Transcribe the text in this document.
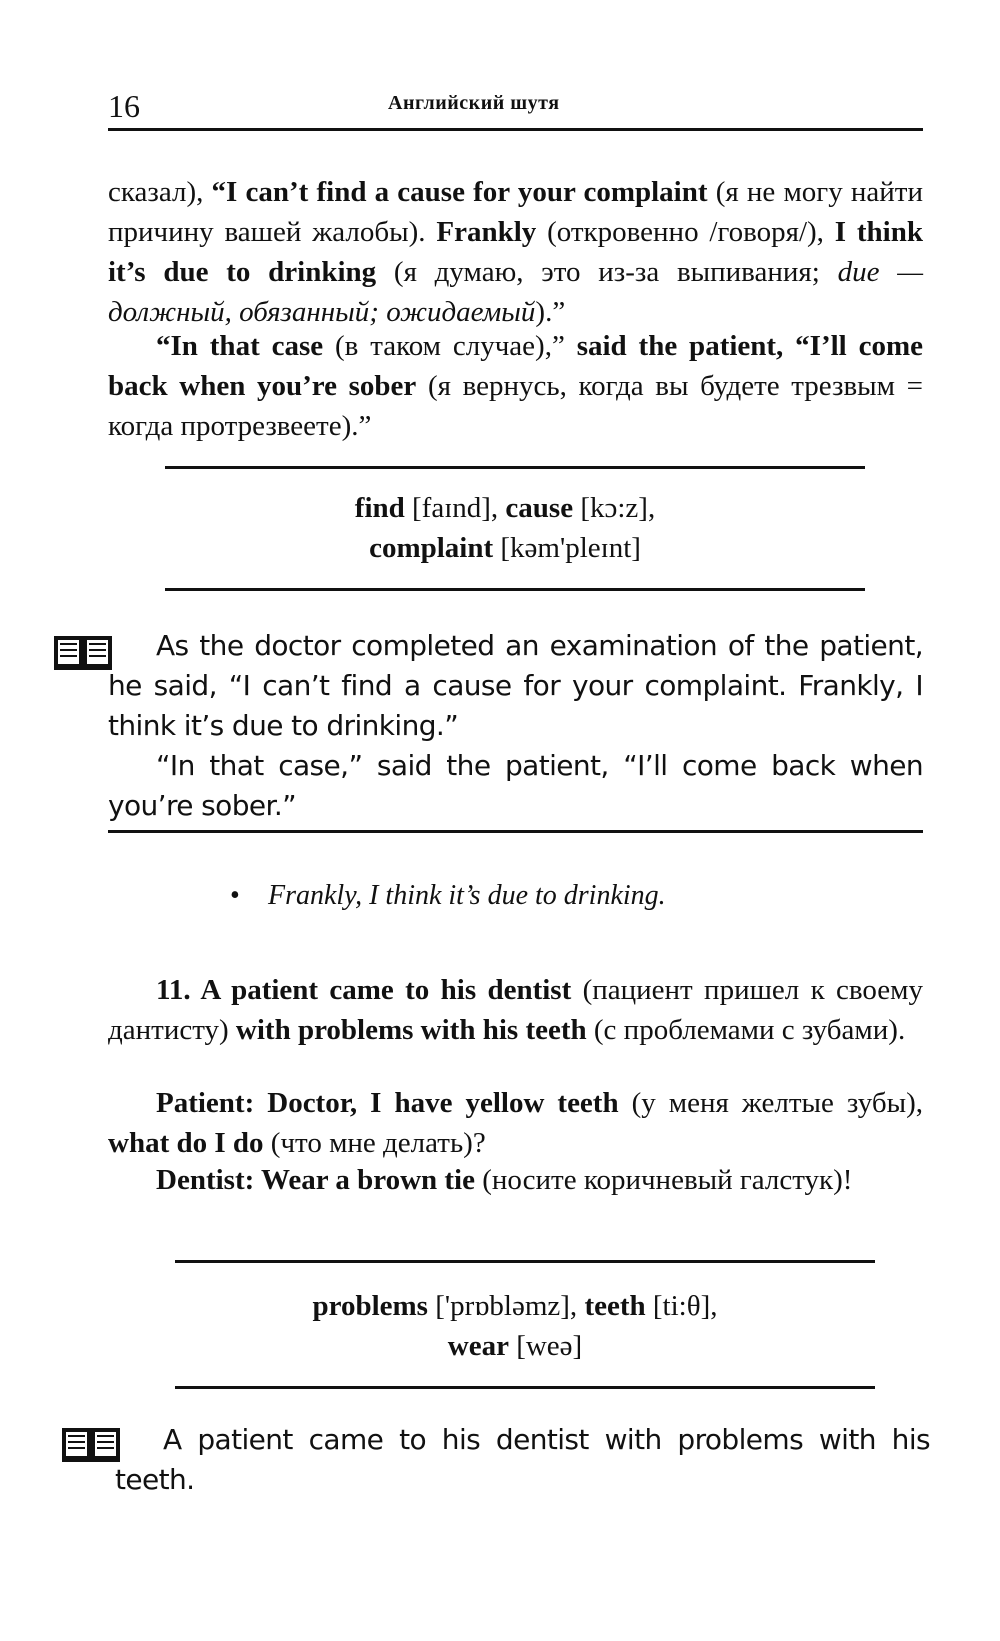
16	Английский шутя
сказал), “I can’t find a cause for your complaint (я не могу найти причину вашей жалобы). Frankly (откровенно /говоря/), I think it’s due to drinking (я думаю, это из-за выпивания; due — должный, обязанный; ожидаемый).”
“In that case (в таком случае),” said the patient, “I’ll come back when you’re sober (я вернусь, когда вы будете трезвым = когда протрезвеете).”
find [faɪnd], cause [kɔ:z],
complaint [kəm'pleɪnt]
As the doctor completed an examination of the patient, he said, “I can’t find a cause for your complaint. Frankly, I think it’s due to drinking.”
“In that case,” said the patient, “I’ll come back when you’re sober.”
• Frankly, I think it’s due to drinking.
11. A patient came to his dentist (пациент пришел к своему дантисту) with problems with his teeth (с проблемами с зубами).
Patient: Doctor, I have yellow teeth (у меня желтые зубы), what do I do (что мне делать)?
Dentist: Wear a brown tie (носите коричневый галстук)!
problems ['prɒbləmz], teeth [ti:θ],
wear [weə]
A patient came to his dentist with problems with his teeth.
